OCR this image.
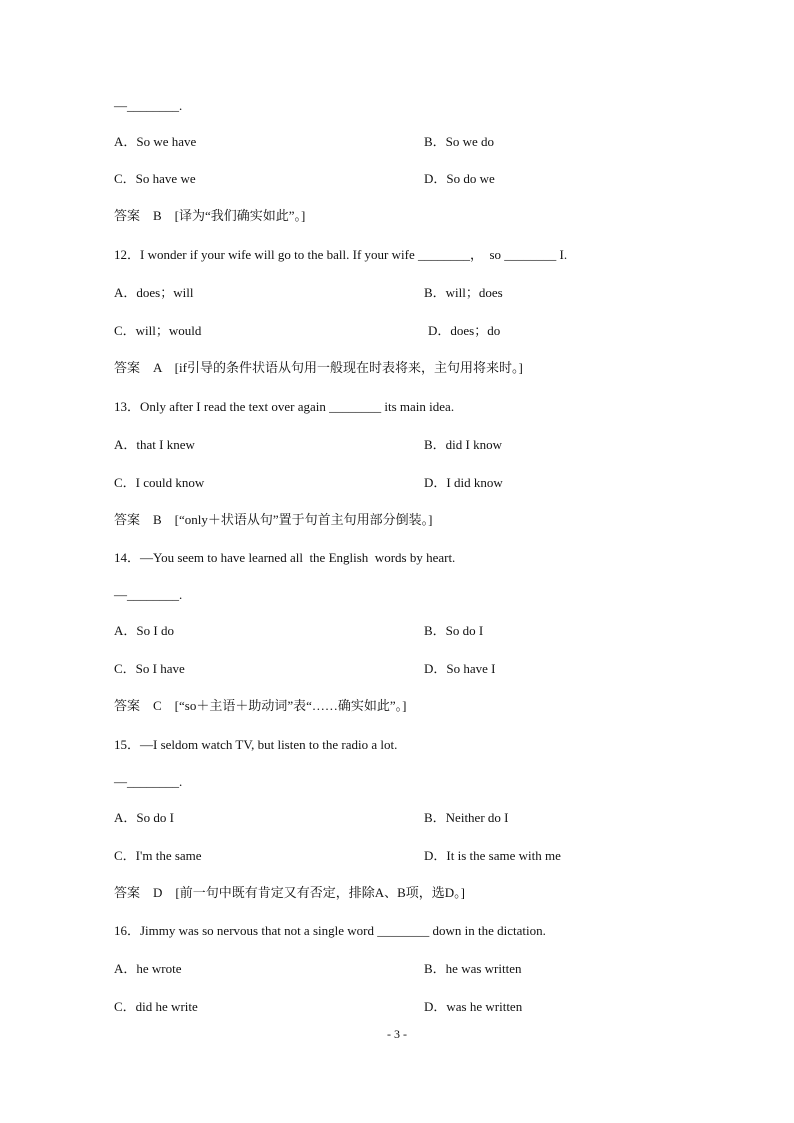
—________.
A．So we have	B．So we do
C．So have we	D．So do we
答案　B　[译为“我们确实如此”。]
12．I wonder if your wife will go to the ball. If your wife ________，  so ________ I.
A．does；will	B．will；does
C．will；would	D．does；do
答案　A　[if引导的条件状语从句用一般现在时表将来，主句用将来时。]
13．Only after I read the text over again ________ its main idea.
A．that I knew	B．did I know
C．I could know	D．I did know
答案　B　[“only＋状语从句”置于句首主句用部分倒装。]
14．—You seem to have learned all  the English  words by heart.
—________.
A．So I do	B．So do I
C．So I have	D．So have I
答案　C　[“so＋主语＋助动词”表“……确实如此”。]
15．—I seldom watch TV, but listen to the radio a lot.
—________.
A．So do I	B．Neither do I
C．I'm the same	D．It is the same with me
答案　D　[前一句中既有肯定又有否定，排除A、B项，选D。]
16．Jimmy was so nervous that not a single word ________ down in the dictation.
A．he wrote	B．he was written
C．did he write	D．was he written
- 3 -
